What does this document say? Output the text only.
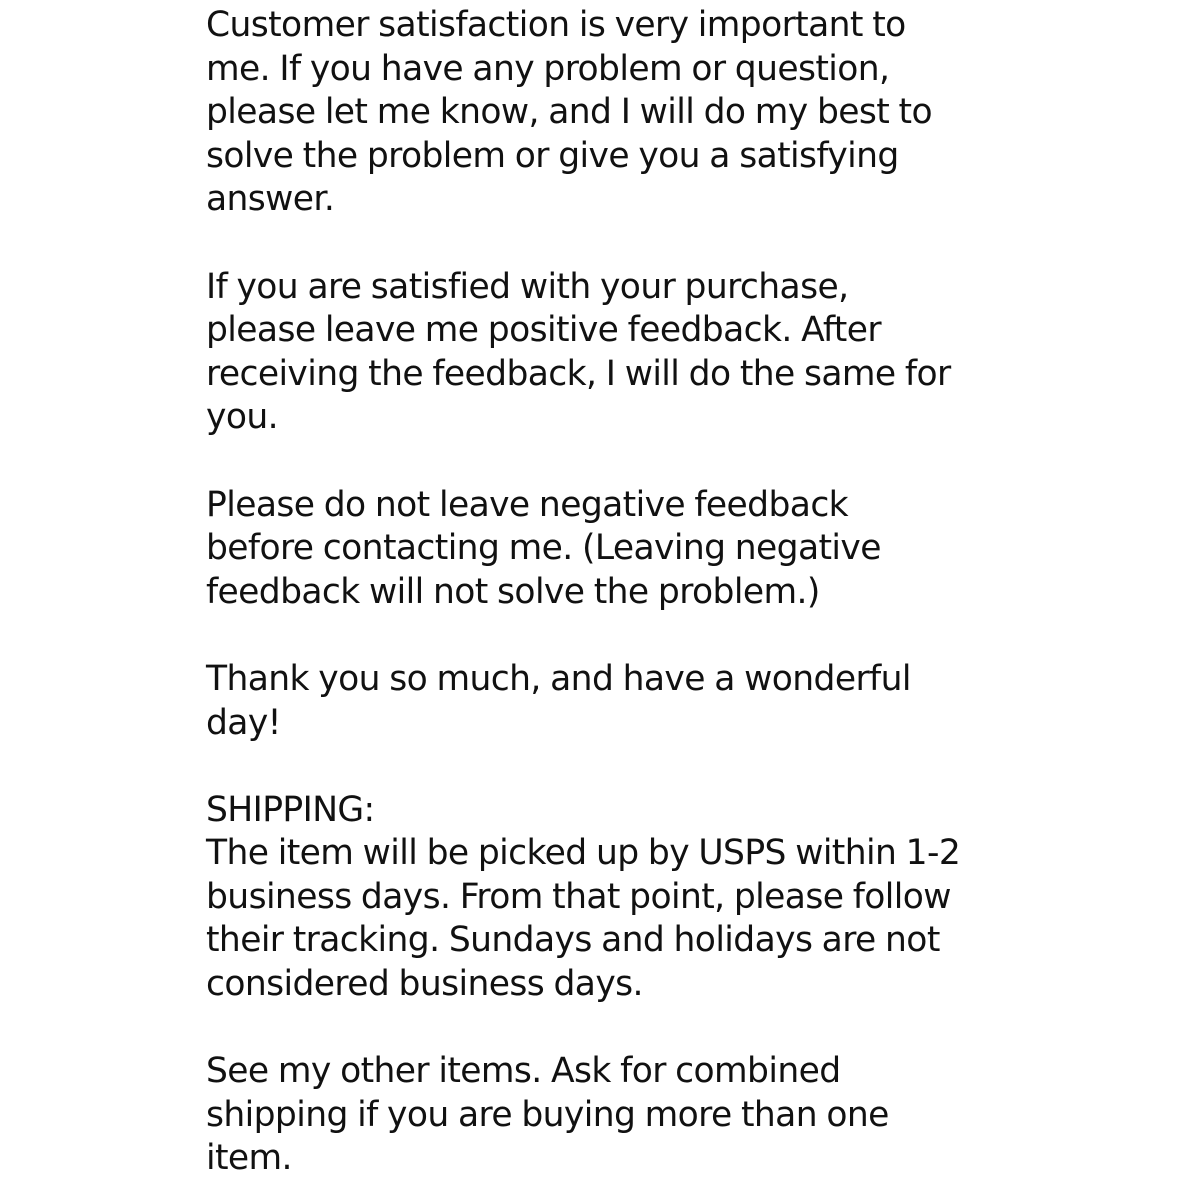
Customer satisfaction is very important to
me. If you have any problem or question,
please let me know, and I will do my best to
solve the problem or give you a satisfying
answer.

If you are satisfied with your purchase,
please leave me positive feedback. After
receiving the feedback, I will do the same for
you.

Please do not leave negative feedback
before contacting me. (Leaving negative
feedback will not solve the problem.)

Thank you so much, and have a wonderful
day!

SHIPPING:
The item will be picked up by USPS within 1-2
business days. From that point, please follow
their tracking. Sundays and holidays are not
considered business days.

See my other items. Ask for combined
shipping if you are buying more than one
item.
